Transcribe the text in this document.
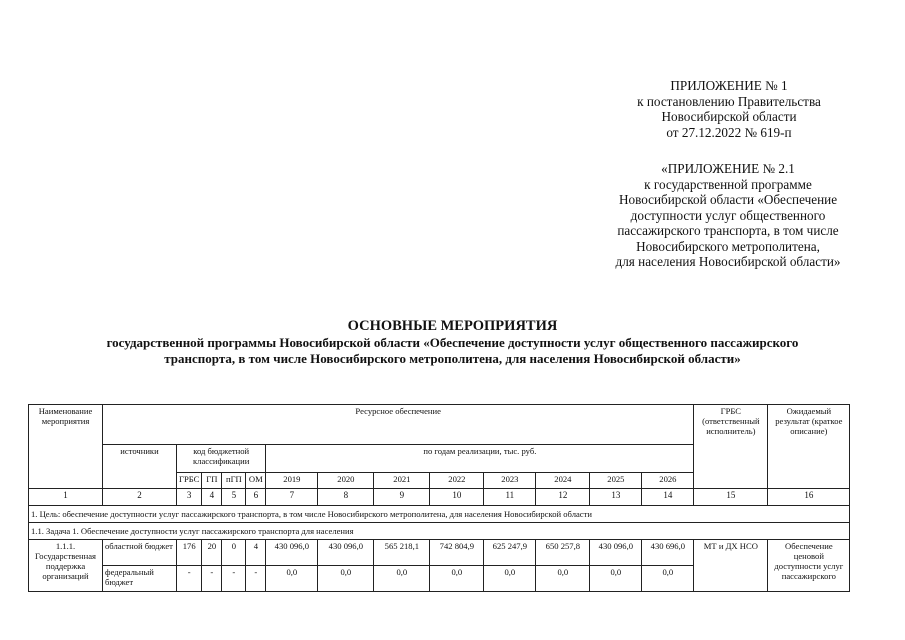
ПРИЛОЖЕНИЕ № 1
к постановлению Правительства
Новосибирской области
от 27.12.2022 № 619-п
«ПРИЛОЖЕНИЕ № 2.1
к государственной программе
Новосибирской области «Обеспечение
доступности услуг общественного
пассажирского транспорта, в том числе
Новосибирского метрополитена,
для населения Новосибирской области»
ОСНОВНЫЕ МЕРОПРИЯТИЯ
государственной программы Новосибирской области «Обеспечение доступности услуг общественного пассажирского
транспорта, в том числе Новосибирского метрополитена, для населения Новосибирской области»
Наименование мероприятия	Ресурсное обеспечение													ГРБС (ответственный исполнитель)	Ожидаемый результат (краткое описание)
	источники	код бюджетной классификации				по годам реализации, тыс. руб.									
		ГРБС	ГП	пГП	ОМ	2019	2020	2021	2022	2023	2024	2025	2026		
1	2	3	4	5	6	7	8	9	10	11	12	13	14	15	16
1. Цель: обеспечение доступности услуг пассажирского транспорта, в том числе Новосибирского метрополитена, для населения Новосибирской области															
1.1. Задача 1. Обеспечение доступности услуг пассажирского транспорта для населения															
1.1.1. Государственная поддержка организаций	областной бюджет	176	20	0	4	430 096,0	430 096,0	565 218,1	742 804,9	625 247,9	650 257,8	430 096,0	430 696,0	МТ и ДХ НСО	Обеспечение ценовой доступности услуг пассажирского
	федеральный бюджет	-	-	-	-	0,0	0,0	0,0	0,0	0,0	0,0	0,0	0,0		
